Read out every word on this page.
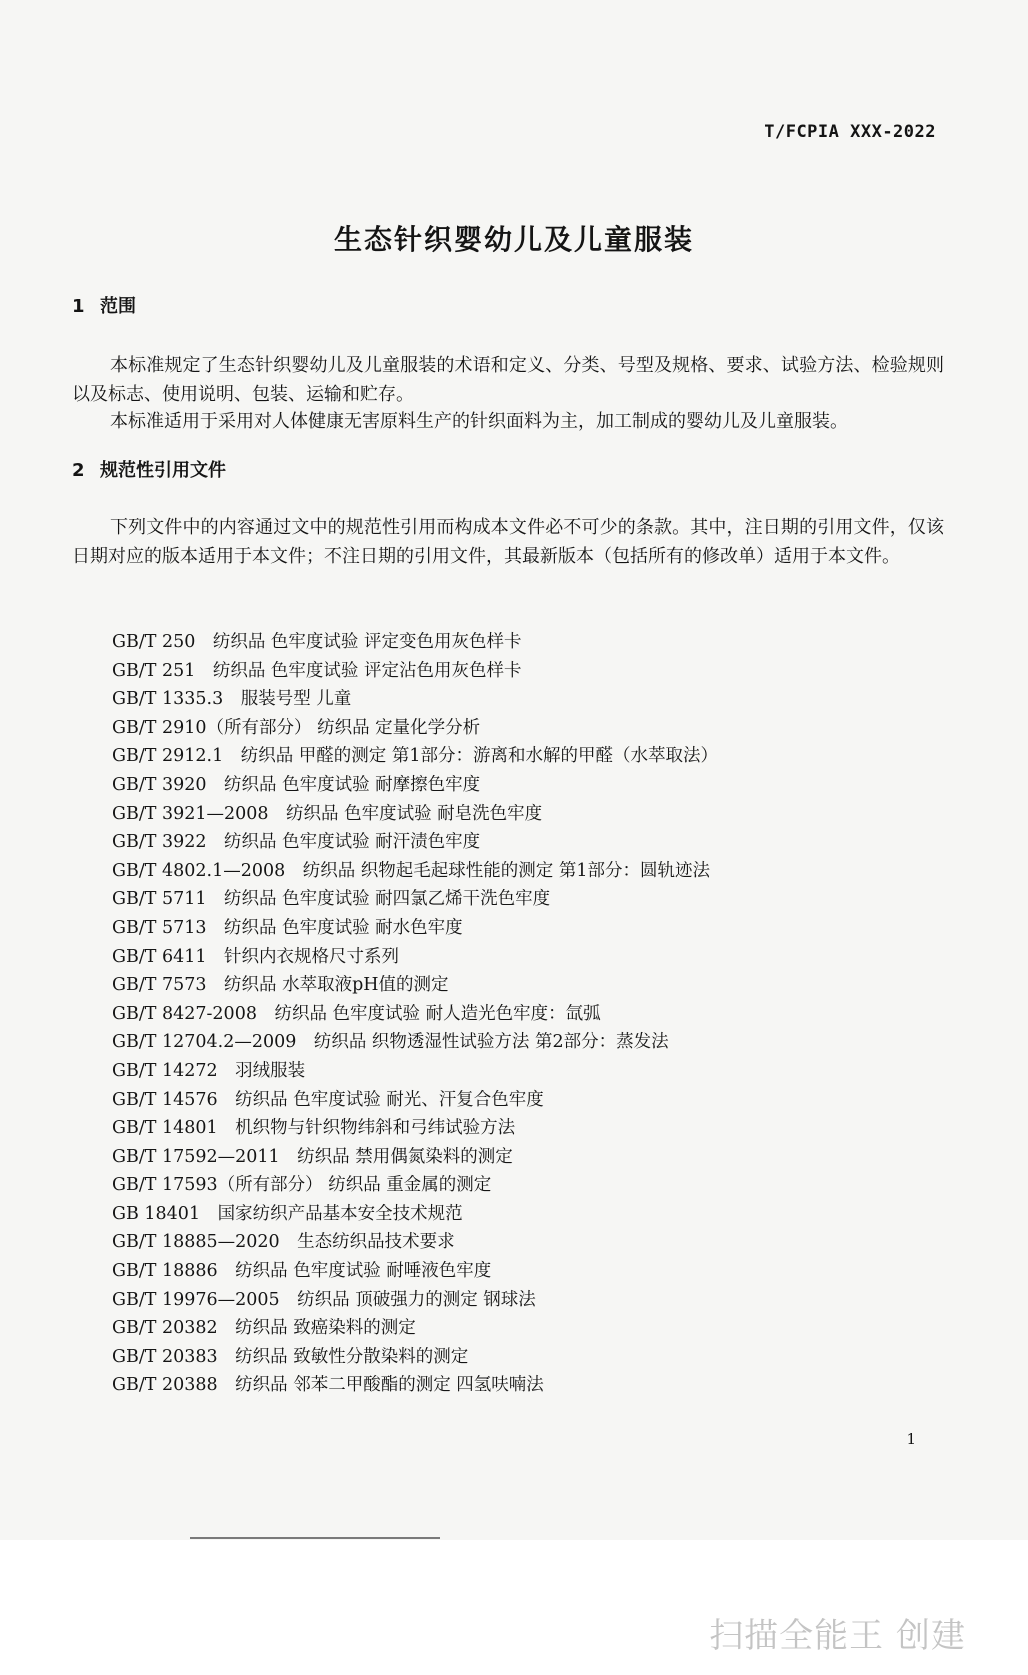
T/FCPIA XXX-2022
生态针织婴幼儿及儿童服装
1 范围
本标准规定了生态针织婴幼儿及儿童服装的术语和定义、分类、号型及规格、要求、试验方法、检验规则以及标志、使用说明、包装、运输和贮存。
本标准适用于采用对人体健康无害原料生产的针织面料为主，加工制成的婴幼儿及儿童服装。
2 规范性引用文件
下列文件中的内容通过文中的规范性引用而构成本文件必不可少的条款。其中，注日期的引用文件，仅该日期对应的版本适用于本文件；不注日期的引用文件，其最新版本（包括所有的修改单）适用于本文件。
GB/T 250　纺织品 色牢度试验 评定变色用灰色样卡
GB/T 251　纺织品 色牢度试验 评定沾色用灰色样卡
GB/T 1335.3　服装号型 儿童
GB/T 2910（所有部分） 纺织品 定量化学分析
GB/T 2912.1　纺织品 甲醛的测定 第1部分：游离和水解的甲醛（水萃取法）
GB/T 3920　纺织品 色牢度试验 耐摩擦色牢度
GB/T 3921—2008　纺织品 色牢度试验 耐皂洗色牢度
GB/T 3922　纺织品 色牢度试验 耐汗渍色牢度
GB/T 4802.1—2008　纺织品 织物起毛起球性能的测定 第1部分：圆轨迹法
GB/T 5711　纺织品 色牢度试验 耐四氯乙烯干洗色牢度
GB/T 5713　纺织品 色牢度试验 耐水色牢度
GB/T 6411　针织内衣规格尺寸系列
GB/T 7573　纺织品 水萃取液pH值的测定
GB/T 8427-2008　纺织品 色牢度试验 耐人造光色牢度：氙弧
GB/T 12704.2—2009　纺织品 织物透湿性试验方法 第2部分：蒸发法
GB/T 14272　羽绒服装
GB/T 14576　纺织品 色牢度试验 耐光、汗复合色牢度
GB/T 14801　机织物与针织物纬斜和弓纬试验方法
GB/T 17592—2011　纺织品 禁用偶氮染料的测定
GB/T 17593（所有部分） 纺织品 重金属的测定
GB 18401　国家纺织产品基本安全技术规范
GB/T 18885—2020　生态纺织品技术要求
GB/T 18886　纺织品 色牢度试验 耐唾液色牢度
GB/T 19976—2005　纺织品 顶破强力的测定 钢球法
GB/T 20382　纺织品 致癌染料的测定
GB/T 20383　纺织品 致敏性分散染料的测定
GB/T 20388　纺织品 邻苯二甲酸酯的测定 四氢呋喃法
1
扫描全能王 创建
